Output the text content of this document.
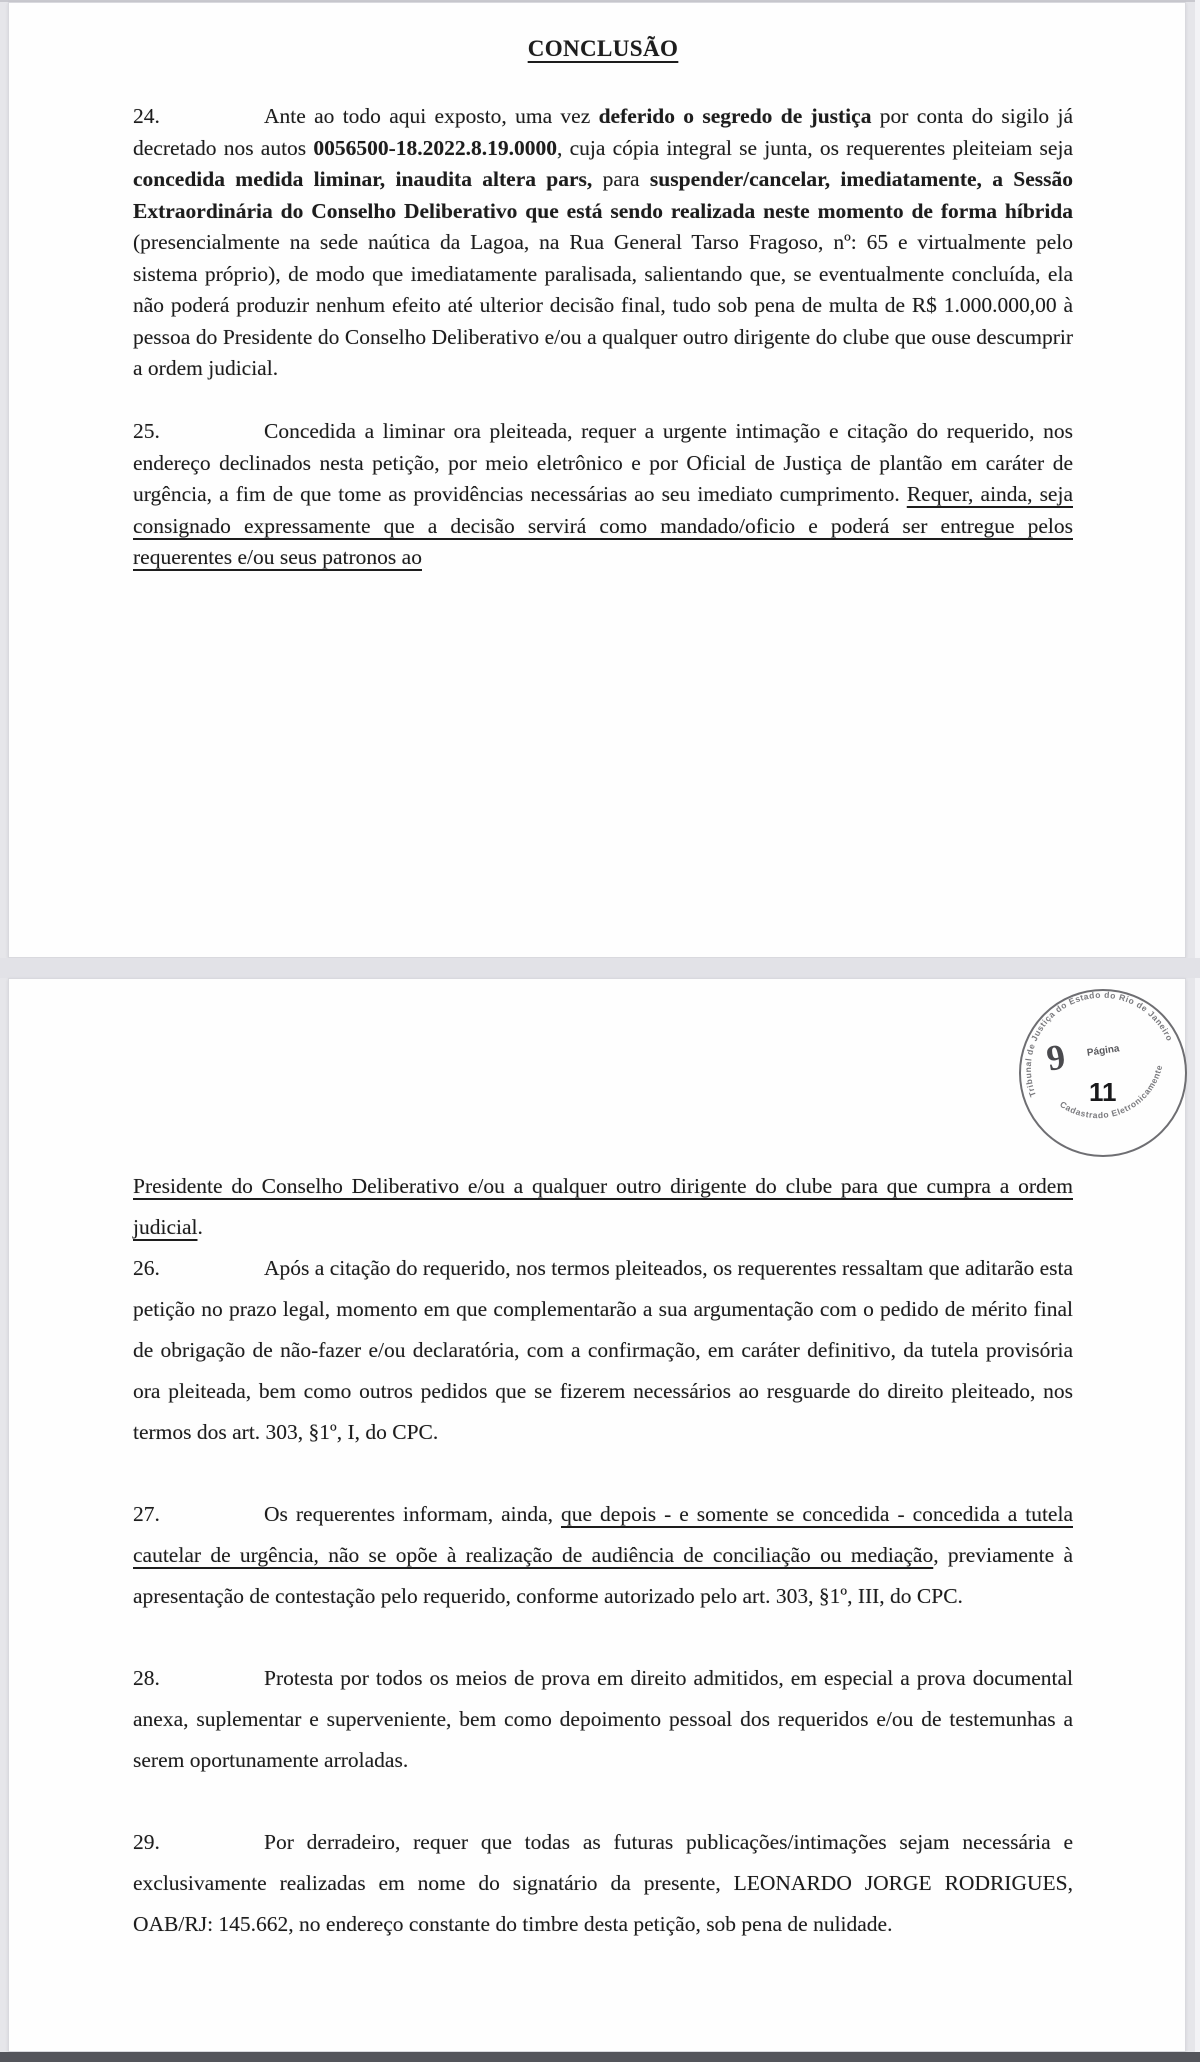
CONCLUSÃO

24.	Ante ao todo aqui exposto, uma vez deferido o segredo de justiça por conta do sigilo já decretado nos autos 0056500-18.2022.8.19.0000, cuja cópia integral se junta, os requerentes pleiteiam seja concedida medida liminar, inaudita altera pars, para suspender/cancelar, imediatamente, a Sessão Extraordinária do Conselho Deliberativo que está sendo realizada neste momento de forma híbrida (presencialmente na sede naútica da Lagoa, na Rua General Tarso Fragoso, nº: 65 e virtualmente pelo sistema próprio), de modo que imediatamente paralisada, salientando que, se eventualmente concluída, ela não poderá produzir nenhum efeito até ulterior decisão final, tudo sob pena de multa de R$ 1.000.000,00 à pessoa do Presidente do Conselho Deliberativo e/ou a qualquer outro dirigente do clube que ouse descumprir a ordem judicial.

25.	Concedida a liminar ora pleiteada, requer a urgente intimação e citação do requerido, nos endereço declinados nesta petição, por meio eletrônico e por Oficial de Justiça de plantão em caráter de urgência, a fim de que tome as providências necessárias ao seu imediato cumprimento. Requer, ainda, seja consignado expressamente que a decisão servirá como mandado/oficio e poderá ser entregue pelos requerentes e/ou seus patronos ao

Tribunal de Justiça do Estado do Rio de Janeiro
Cadastrado Eletronicamente
9 Página
11

Presidente do Conselho Deliberativo e/ou a qualquer outro dirigente do clube para que cumpra a ordem judicial.

26.	Após a citação do requerido, nos termos pleiteados, os requerentes ressaltam que aditarão esta petição no prazo legal, momento em que complementarão a sua argumentação com o pedido de mérito final de obrigação de não-fazer e/ou declaratória, com a confirmação, em caráter definitivo, da tutela provisória ora pleiteada, bem como outros pedidos que se fizerem necessários ao resguarde do direito pleiteado, nos termos dos art. 303, §1º, I, do CPC.

27.	Os requerentes informam, ainda, que depois - e somente se concedida - concedida a tutela cautelar de urgência, não se opõe à realização de audiência de conciliação ou mediação, previamente à apresentação de contestação pelo requerido, conforme autorizado pelo art. 303, §1º, III, do CPC.

28.	Protesta por todos os meios de prova em direito admitidos, em especial a prova documental anexa, suplementar e superveniente, bem como depoimento pessoal dos requeridos e/ou de testemunhas a serem oportunamente arroladas.

29.	Por derradeiro, requer que todas as futuras publicações/intimações sejam necessária e exclusivamente realizadas em nome do signatário da presente, LEONARDO JORGE RODRIGUES, OAB/RJ: 145.662, no endereço constante do timbre desta petição, sob pena de nulidade.
